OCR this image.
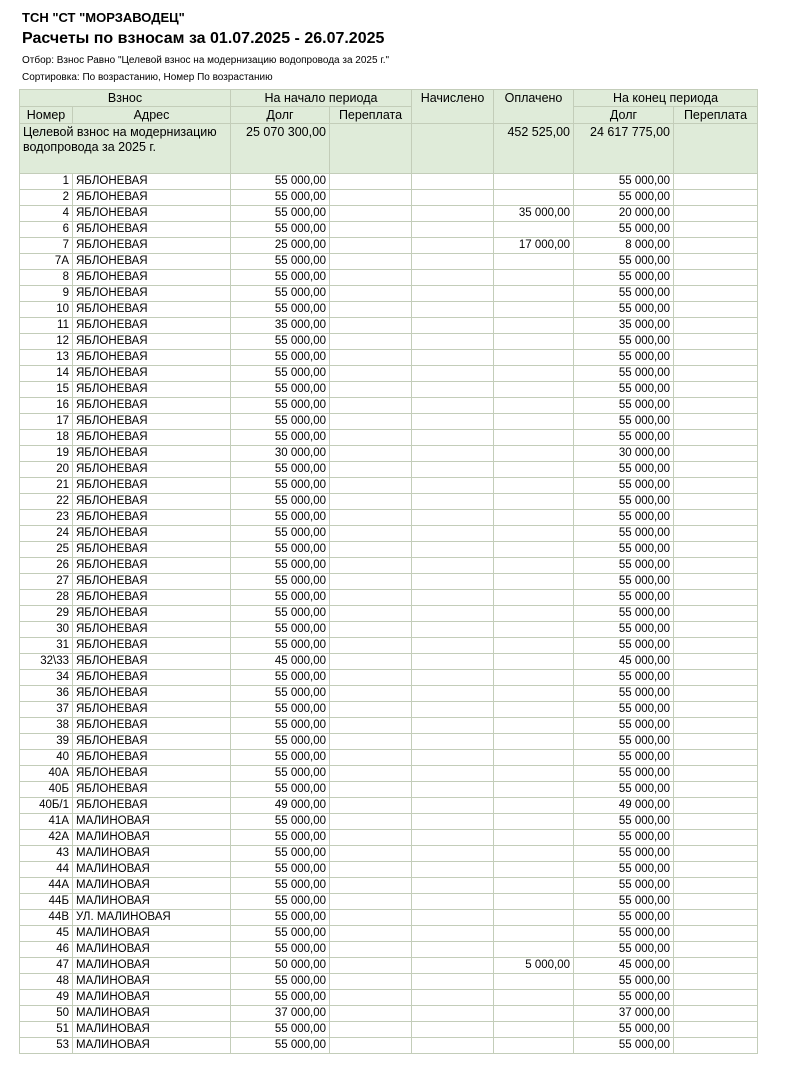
ТСН "СТ "МОРЗАВОДЕЦ"
Расчеты по взносам за 01.07.2025 - 26.07.2025
Отбор: Взнос Равно "Целевой взнос на модернизацию водопровода за 2025 г."
Сортировка: По возрастанию, Номер По возрастанию
Взнос		На начало периода		Начислено	Оплачено	На конец периода	
Номер	Адрес	Долг	Переплата			Долг	Переплата
Целевой взнос на модернизацию водопровода за 2025 г.		25 070 300,00			452 525,00	24 617 775,00	
1	ЯБЛОНЕВАЯ	55 000,00				55 000,00	
2	ЯБЛОНЕВАЯ	55 000,00				55 000,00	
4	ЯБЛОНЕВАЯ	55 000,00			35 000,00	20 000,00	
6	ЯБЛОНЕВАЯ	55 000,00				55 000,00	
7	ЯБЛОНЕВАЯ	25 000,00			17 000,00	8 000,00	
7А	ЯБЛОНЕВАЯ	55 000,00				55 000,00	
8	ЯБЛОНЕВАЯ	55 000,00				55 000,00	
9	ЯБЛОНЕВАЯ	55 000,00				55 000,00	
10	ЯБЛОНЕВАЯ	55 000,00				55 000,00	
11	ЯБЛОНЕВАЯ	35 000,00				35 000,00	
12	ЯБЛОНЕВАЯ	55 000,00				55 000,00	
13	ЯБЛОНЕВАЯ	55 000,00				55 000,00	
14	ЯБЛОНЕВАЯ	55 000,00				55 000,00	
15	ЯБЛОНЕВАЯ	55 000,00				55 000,00	
16	ЯБЛОНЕВАЯ	55 000,00				55 000,00	
17	ЯБЛОНЕВАЯ	55 000,00				55 000,00	
18	ЯБЛОНЕВАЯ	55 000,00				55 000,00	
19	ЯБЛОНЕВАЯ	30 000,00				30 000,00	
20	ЯБЛОНЕВАЯ	55 000,00				55 000,00	
21	ЯБЛОНЕВАЯ	55 000,00				55 000,00	
22	ЯБЛОНЕВАЯ	55 000,00				55 000,00	
23	ЯБЛОНЕВАЯ	55 000,00				55 000,00	
24	ЯБЛОНЕВАЯ	55 000,00				55 000,00	
25	ЯБЛОНЕВАЯ	55 000,00				55 000,00	
26	ЯБЛОНЕВАЯ	55 000,00				55 000,00	
27	ЯБЛОНЕВАЯ	55 000,00				55 000,00	
28	ЯБЛОНЕВАЯ	55 000,00				55 000,00	
29	ЯБЛОНЕВАЯ	55 000,00				55 000,00	
30	ЯБЛОНЕВАЯ	55 000,00				55 000,00	
31	ЯБЛОНЕВАЯ	55 000,00				55 000,00	
32\33	ЯБЛОНЕВАЯ	45 000,00				45 000,00	
34	ЯБЛОНЕВАЯ	55 000,00				55 000,00	
36	ЯБЛОНЕВАЯ	55 000,00				55 000,00	
37	ЯБЛОНЕВАЯ	55 000,00				55 000,00	
38	ЯБЛОНЕВАЯ	55 000,00				55 000,00	
39	ЯБЛОНЕВАЯ	55 000,00				55 000,00	
40	ЯБЛОНЕВАЯ	55 000,00				55 000,00	
40А	ЯБЛОНЕВАЯ	55 000,00				55 000,00	
40Б	ЯБЛОНЕВАЯ	55 000,00				55 000,00	
40Б/1	ЯБЛОНЕВАЯ	49 000,00				49 000,00	
41А	МАЛИНОВАЯ	55 000,00				55 000,00	
42А	МАЛИНОВАЯ	55 000,00				55 000,00	
43	МАЛИНОВАЯ	55 000,00				55 000,00	
44	МАЛИНОВАЯ	55 000,00				55 000,00	
44А	МАЛИНОВАЯ	55 000,00				55 000,00	
44Б	МАЛИНОВАЯ	55 000,00				55 000,00	
44В	УЛ. МАЛИНОВАЯ	55 000,00				55 000,00	
45	МАЛИНОВАЯ	55 000,00				55 000,00	
46	МАЛИНОВАЯ	55 000,00				55 000,00	
47	МАЛИНОВАЯ	50 000,00			5 000,00	45 000,00	
48	МАЛИНОВАЯ	55 000,00				55 000,00	
49	МАЛИНОВАЯ	55 000,00				55 000,00	
50	МАЛИНОВАЯ	37 000,00				37 000,00	
51	МАЛИНОВАЯ	55 000,00				55 000,00	
53	МАЛИНОВАЯ	55 000,00				55 000,00	
